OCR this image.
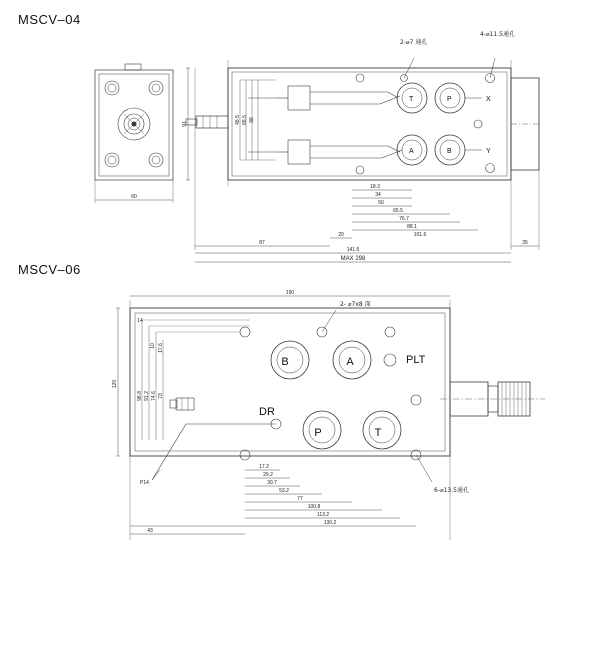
MSCV–04
MSCV–06
2-⌀7 通孔
4-⌀11.5通孔
T	P
A	B
X
Y
18.3
34
50
65.5
76.7
88.1
101.6
20
87	35
141.5
60
91	48.5 68.5 88
MAX 298
2- ⌀7x8 深
6-⌀13.5通孔
B	A	PLT
DR
P	T
P14
17.2
29.2
30.7
53.2
77
100.8
113.2
130.2
43
190
14
10 17.6
73
91.2 74.6
98.8
120
